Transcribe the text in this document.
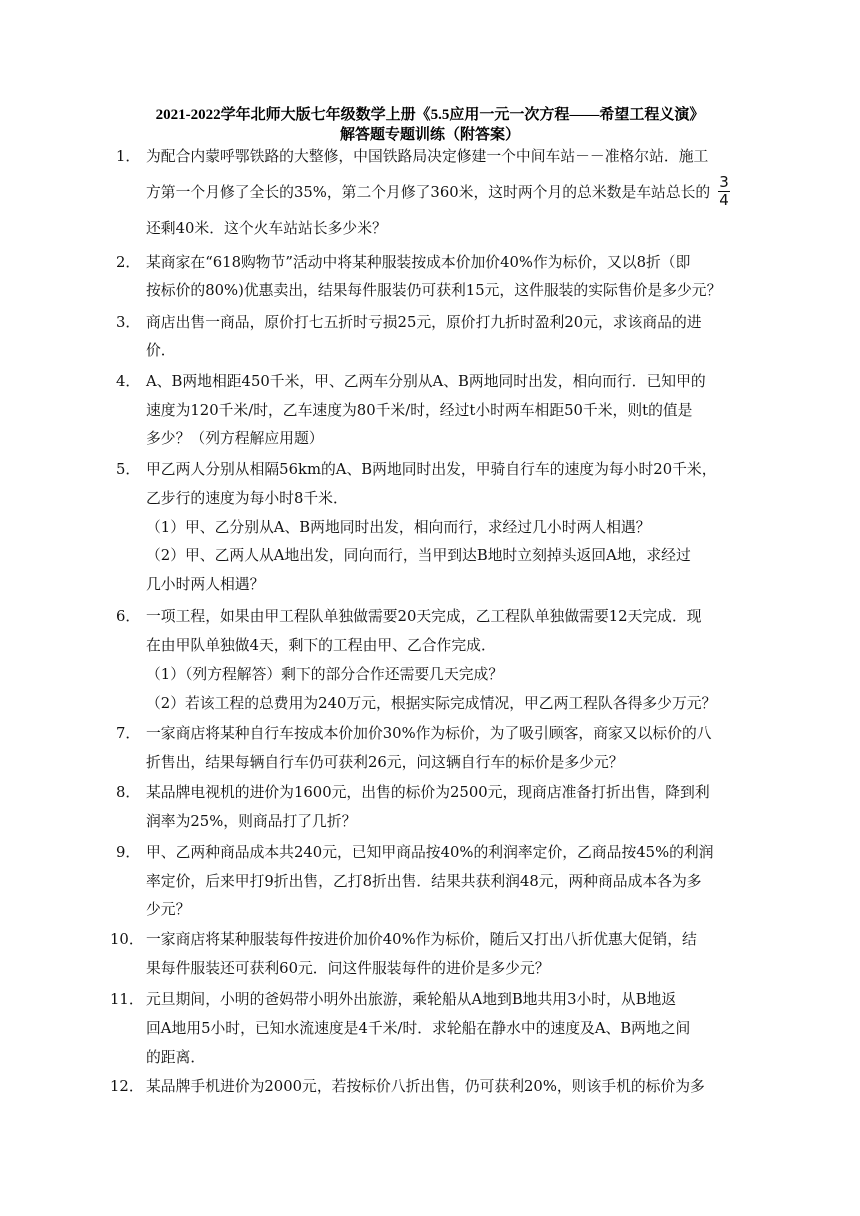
2021-2022学年北师大版七年级数学上册《5.5应用一元一次方程——希望工程义演》
解答题专题训练（附答案）
1． 为配合内蒙呼鄂铁路的大整修，中国铁路局决定修建一个中间车站－－准格尔站．施工
方第一个月修了全长的35%，第二个月修了360米，这时两个月的总米数是车站总长的
3
4
还剩40米．这个火车站站长多少米？
2． 某商家在“618购物节”活动中将某种服装按成本价加价40%作为标价，又以8折（即
按标价的80%)优惠卖出，结果每件服装仍可获利15元，这件服装的实际售价是多少元？
3． 商店出售一商品，原价打七五折时亏损25元，原价打九折时盈利20元，求该商品的进
价．
4． A、B两地相距450千米，甲、乙两车分别从A、B两地同时出发，相向而行．已知甲的
速度为120千米/时，乙车速度为80千米/时，经过t小时两车相距50千米，则t的值是
多少？（列方程解应用题）
5． 甲乙两人分别从相隔56km的A、B两地同时出发，甲骑自行车的速度为每小时20千米，
乙步行的速度为每小时8千米．
（1）甲、乙分别从A、B两地同时出发，相向而行，求经过几小时两人相遇？
（2）甲、乙两人从A地出发，同向而行，当甲到达B地时立刻掉头返回A地，求经过
几小时两人相遇？
6． 一项工程，如果由甲工程队单独做需要20天完成，乙工程队单独做需要12天完成．现
在由甲队单独做4天，剩下的工程由甲、乙合作完成．
（1）（列方程解答）剩下的部分合作还需要几天完成？
（2）若该工程的总费用为240万元，根据实际完成情况，甲乙两工程队各得多少万元？
7． 一家商店将某种自行车按成本价加价30%作为标价，为了吸引顾客，商家又以标价的八
折售出，结果每辆自行车仍可获利26元，问这辆自行车的标价是多少元？
8． 某品牌电视机的进价为1600元，出售的标价为2500元，现商店准备打折出售，降到利
润率为25%，则商品打了几折？
9． 甲、乙两种商品成本共240元，已知甲商品按40%的利润率定价，乙商品按45%的利润
率定价，后来甲打9折出售，乙打8折出售．结果共获利润48元，两种商品成本各为多
少元？
10． 一家商店将某种服装每件按进价加价40%作为标价，随后又打出八折优惠大促销，结
果每件服装还可获利60元．问这件服装每件的进价是多少元？
11． 元旦期间，小明的爸妈带小明外出旅游，乘轮船从A地到B地共用3小时，从B地返
回A地用5小时，已知水流速度是4千米/时．求轮船在静水中的速度及A、B两地之间
的距离．
12． 某品牌手机进价为2000元，若按标价八折出售，仍可获利20%，则该手机的标价为多
